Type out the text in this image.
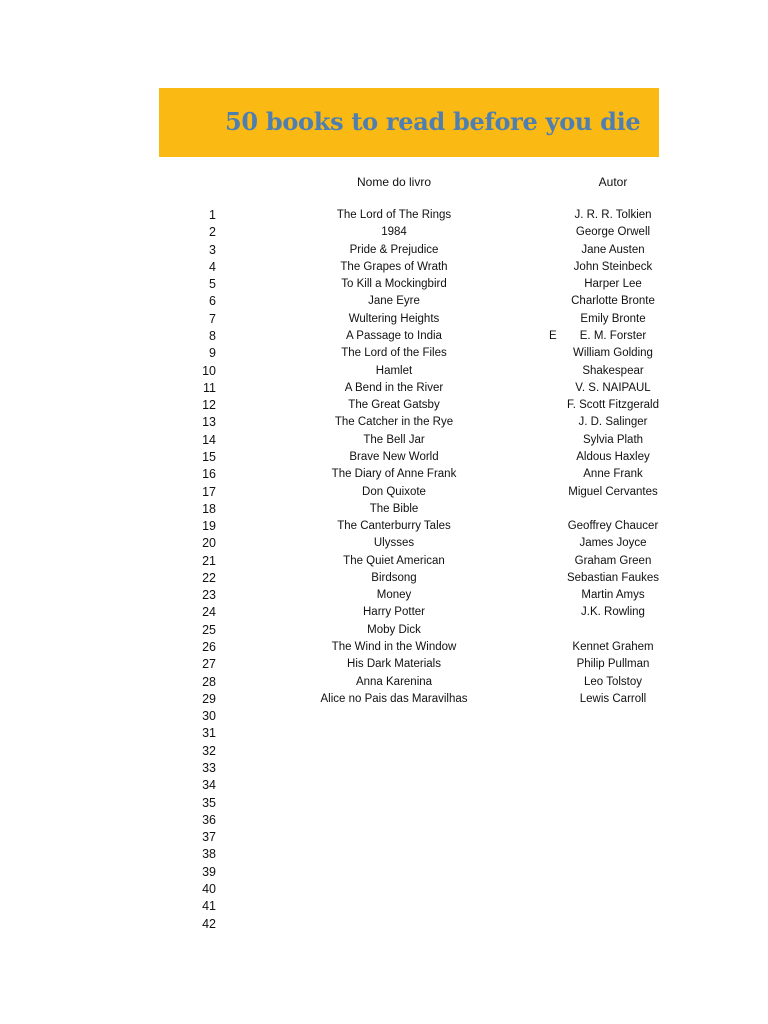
50 books to read before you die
Nome do livro	Autor
1	The Lord of The Rings	J. R. R. Tolkien
2	1984	George Orwell
3	Pride & Prejudice	Jane Austen
4	The Grapes of Wrath	John Steinbeck
5	To Kill a Mockingbird	Harper Lee
6	Jane Eyre	Charlotte Bronte
7	Wultering Heights	Emily Bronte
8	A Passage to India	E	E. M. Forster
9	The Lord of the Files	William Golding
10	Hamlet	Shakespear
11	A Bend in the River	V. S. NAIPAUL
12	The Great Gatsby	F. Scott Fitzgerald
13	The Catcher in the Rye	J. D. Salinger
14	The Bell Jar	Sylvia Plath
15	Brave New World	Aldous Haxley
16	The Diary of Anne Frank	Anne Frank
17	Don Quixote	Miguel Cervantes
18	The Bible
19	The Canterburry Tales	Geoffrey Chaucer
20	Ulysses	James Joyce
21	The Quiet American	Graham Green
22	Birdsong	Sebastian Faukes
23	Money	Martin Amys
24	Harry Potter	J.K. Rowling
25	Moby Dick
26	The Wind in the Window	Kennet Grahem
27	His Dark Materials	Philip Pullman
28	Anna Karenina	Leo Tolstoy
29	Alice no Pais das Maravilhas	Lewis Carroll
30
31
32
33
34
35
36
37
38
39
40
41
42
